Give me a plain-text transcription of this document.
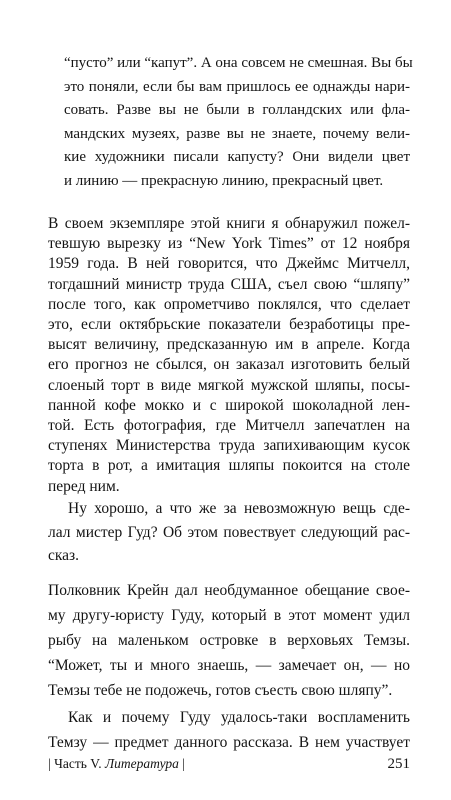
“пусто” или “капут”. А она совсем не смешная. Вы бы
это поняли, если бы вам пришлось ее однажды нари-
совать. Разве вы не были в голландских или фла-
мандских музеях, разве вы не знаете, почему вели-
кие художники писали капусту? Они видели цвет
и линию — прекрасную линию, прекрасный цвет.
В своем экземпляре этой книги я обнаружил пожел-
тевшую вырезку из “New York Times” от 12 ноября
1959 года. В ней говорится, что Джеймс Митчелл,
тогдашний министр труда США, съел свою “шляпу”
после того, как опрометчиво поклялся, что сделает
это, если октябрьские показатели безработицы пре-
высят величину, предсказанную им в апреле. Когда
его прогноз не сбылся, он заказал изготовить белый
слоеный торт в виде мягкой мужской шляпы, посы-
панной кофе мокко и с широкой шоколадной лен-
той. Есть фотография, где Митчелл запечатлен на
ступенях Министерства труда запихивающим кусок
торта в рот, а имитация шляпы покоится на столе
перед ним.
Ну хорошо, а что же за невозможную вещь сде-
лал мистер Гуд? Об этом повествует следующий рас-
сказ.
| Часть V. Литература |	251
Полковник Крейн дал необдуманное обещание свое-
му другу-юристу Гуду, который в этот момент удил
рыбу на маленьком островке в верховьях Темзы.
“Может, ты и много знаешь, — замечает он, — но
Темзы тебе не подожечь, готов съесть свою шляпу”.
Как и почему Гуду удалось-таки воспламенить
Темзу — предмет данного рассказа. В нем участвует
